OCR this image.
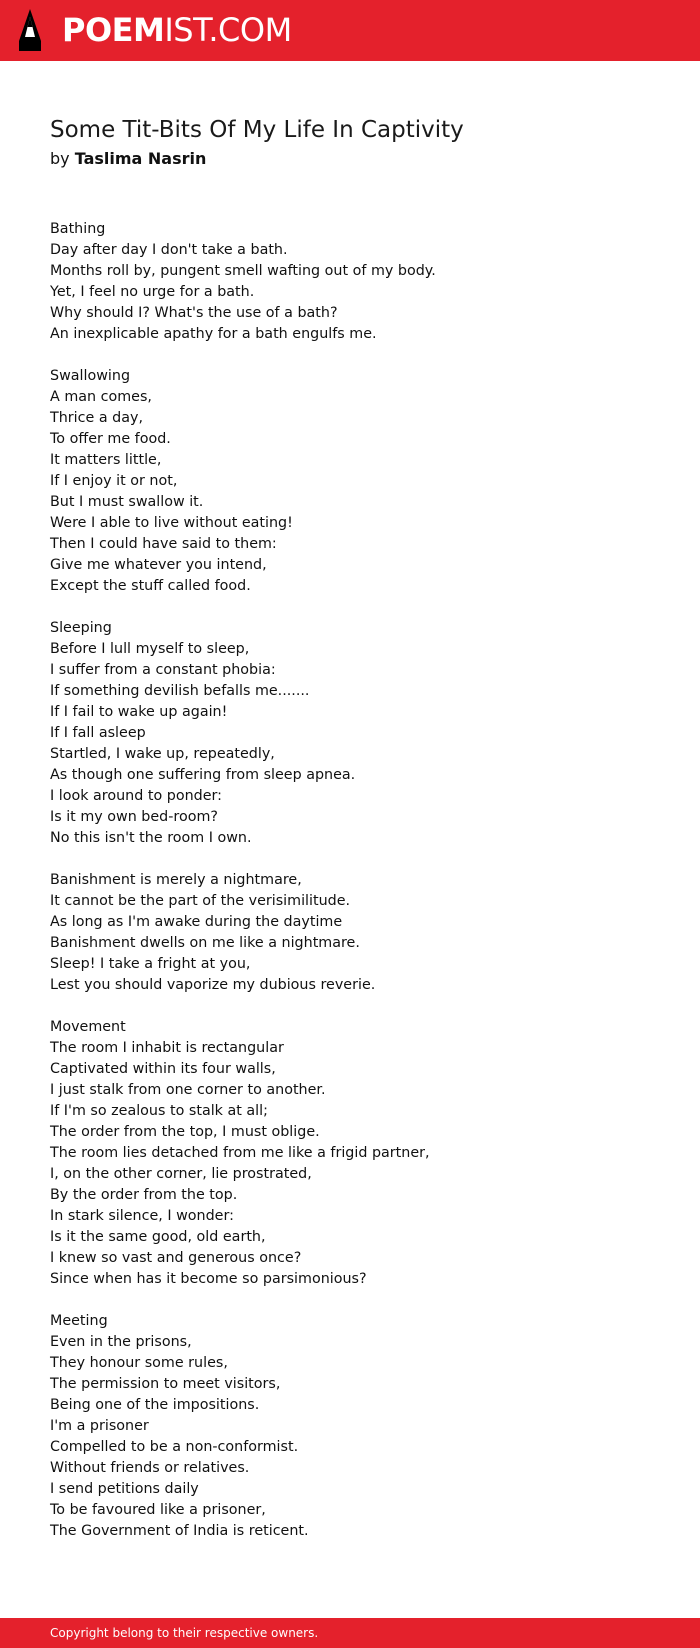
POEMIST.COM
Some Tit-Bits Of My Life In Captivity
by Taslima Nasrin
Bathing
Day after day I don't take a bath.
Months roll by, pungent smell wafting out of my body.
Yet, I feel no urge for a bath.
Why should I? What's the use of a bath?
An inexplicable apathy for a bath engulfs me.
Swallowing
A man comes,
Thrice a day,
To offer me food.
It matters little,
If I enjoy it or not,
But I must swallow it.
Were I able to live without eating!
Then I could have said to them:
Give me whatever you intend,
Except the stuff called food.
Sleeping
Before I lull myself to sleep,
I suffer from a constant phobia:
If something devilish befalls me.......
If I fail to wake up again!
If I fall asleep
Startled, I wake up, repeatedly,
As though one suffering from sleep apnea.
I look around to ponder:
Is it my own bed-room?
No this isn't the room I own.
Banishment is merely a nightmare,
It cannot be the part of the verisimilitude.
As long as I'm awake during the daytime
Banishment dwells on me like a nightmare.
Sleep! I take a fright at you,
Lest you should vaporize my dubious reverie.
Movement
The room I inhabit is rectangular
Captivated within its four walls,
I just stalk from one corner to another.
If I'm so zealous to stalk at all;
The order from the top, I must oblige.
The room lies detached from me like a frigid partner,
I, on the other corner, lie prostrated,
By the order from the top.
In stark silence, I wonder:
Is it the same good, old earth,
I knew so vast and generous once?
Since when has it become so parsimonious?
Meeting
Even in the prisons,
They honour some rules,
The permission to meet visitors,
Being one of the impositions.
I'm a prisoner
Compelled to be a non-conformist.
Without friends or relatives.
I send petitions daily
To be favoured like a prisoner,
The Government of India is reticent.
Copyright belong to their respective owners.
